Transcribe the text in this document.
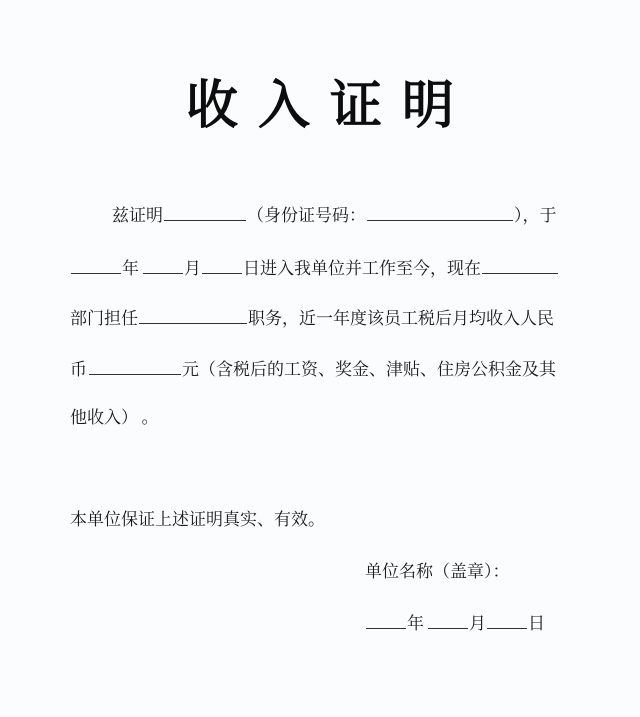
收入证明
兹证明	（身份证号码：	），于
年	月 日进入我单位并工作至今，现在
部门担任	职务，近一年度该员工税后月均收入人民
币	元（含税后的工资、奖金、津贴、住房公积金及其
他收入） 。
本单位保证上述证明真实、有效。
单位名称（盖章）：
年	月 日
